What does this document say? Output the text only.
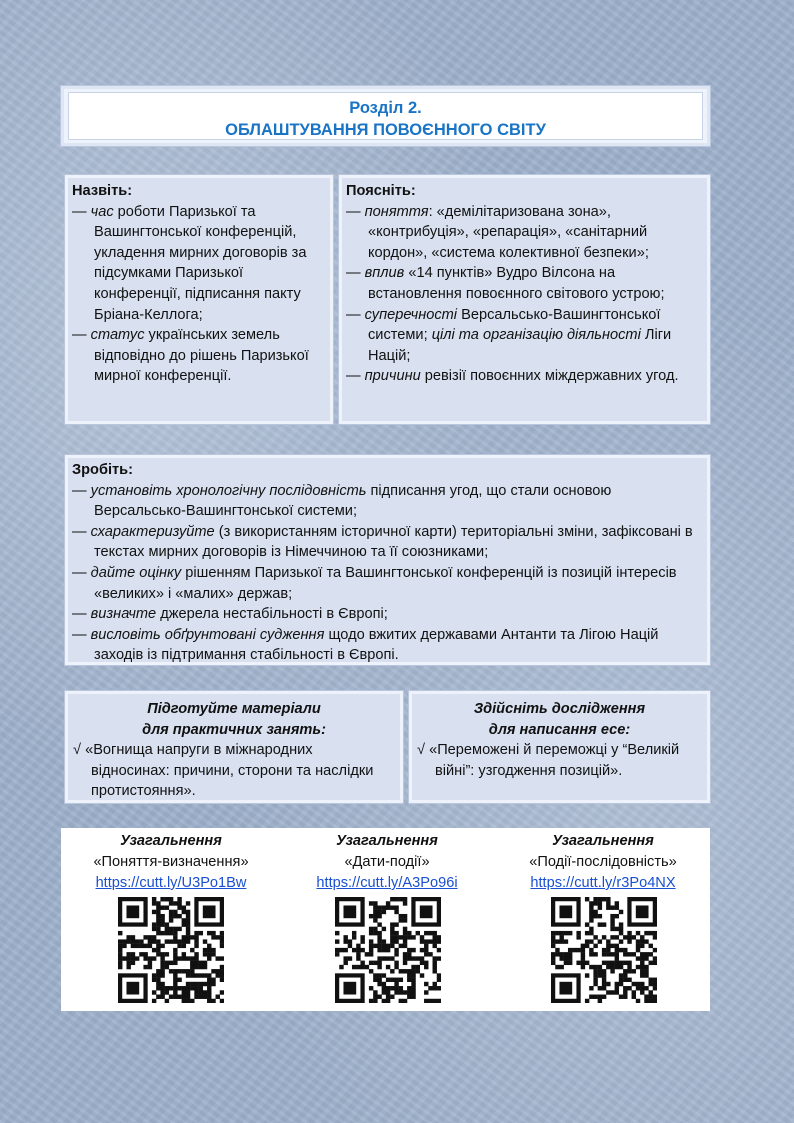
Розділ 2.
ОБЛАШТУВАННЯ ПОВОЄННОГО СВІТУ
Назвіть:
— час роботи Паризької та Вашингтонської конференцій, укладення мирних договорів за підсумками Паризької конференції, підписання пакту Бріана-Келлога;
— статус українських земель відповідно до рішень Паризької мирної конференції.
Поясніть:
— поняття: «демілітаризована зона», «контрибуція», «репарація», «санітарний кордон», «система колективної безпеки»;
— вплив «14 пунктів» Вудро Вілсона на встановлення повоєнного світового устрою;
— суперечності Версальсько-Вашингтонської системи; цілі та організацію діяльності Ліги Націй;
— причини ревізії повоєнних міждержавних угод.
Зробіть:
— установіть хронологічну послідовність підписання угод, що стали основою Версальсько-Вашингтонської системи;
— схарактеризуйте (з використанням історичної карти) територіальні зміни, зафіксовані в текстах мирних договорів із Німеччиною та її союзниками;
— дайте оцінку рішенням Паризької та Вашингтонської конференцій із позицій інтересів «великих» і «малих» держав;
— визначте джерела нестабільності в Європі;
— висловіть обґрунтовані судження щодо вжитих державами Антанти та Лігою Націй заходів із підтримання стабільності в Європі.
Підготуйте матеріали
для практичних занять:
√ «Вогнища напруги в міжнародних відносинах: причини, сторони та наслідки протистояння».
Здійсніть дослідження
для написання есе:
√ «Переможені й переможці у “Великій війні”: узгодження позицій».
Узагальнення
«Поняття-визначення»
https://cutt.ly/U3Po1Bw
Узагальнення
«Дати-події»
https://cutt.ly/A3Po96i
Узагальнення
«Події-послідовність»
https://cutt.ly/r3Po4NX
